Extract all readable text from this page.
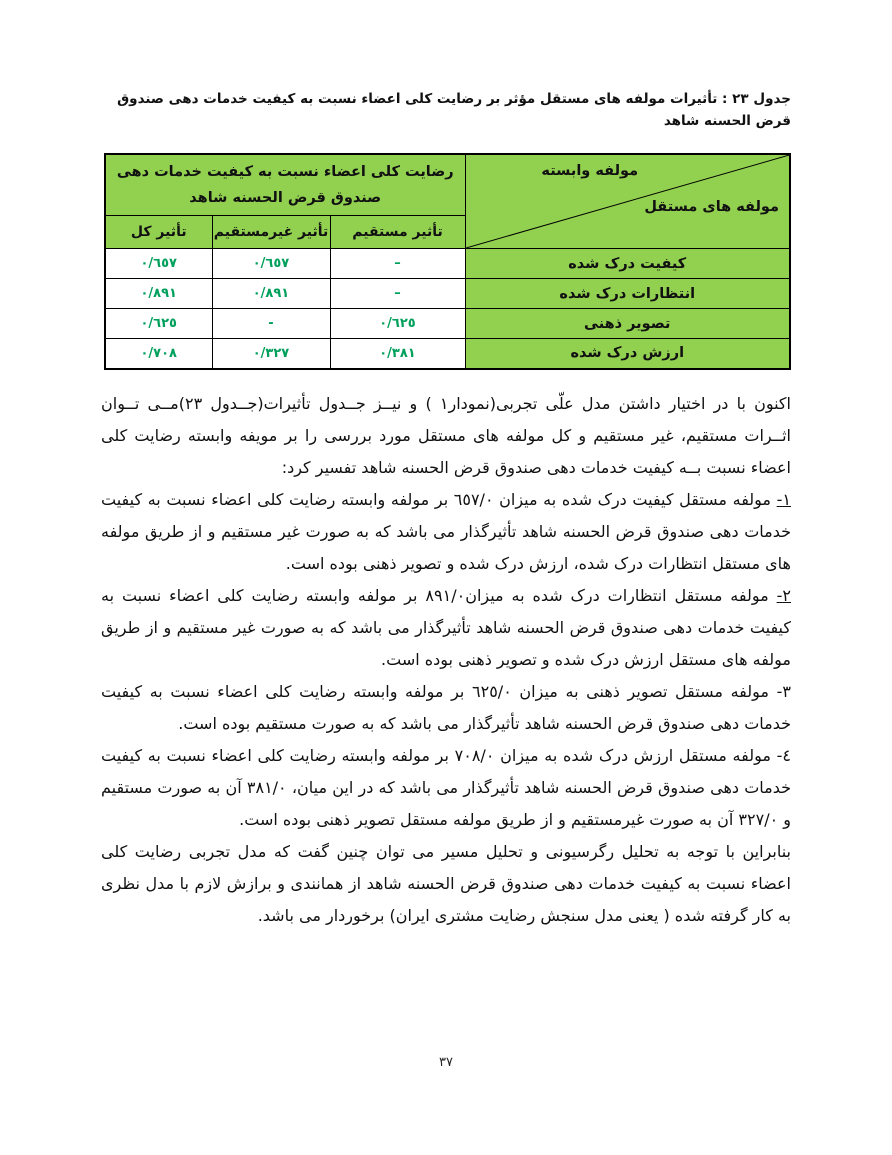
جدول ٢٣ : تأثیرات مولفه های مستقل مؤثر بر رضایت کلی اعضاء نسبت به کیفیت خدمات دهی صندوق قرض الحسنه شاهد
مولفه وابسته
مولفه های مستقل	رضایت کلی اعضاء نسبت به کیفیت خدمات دهی صندوق قرض الحسنه شاهد		
	تأثیر مستقیم	تأثیر غیرمستقیم	تأثیر کل
کیفیت درک شده	–	٠/٦٥٧	٠/٦٥٧
انتظارات درک شده	–	٠/٨٩١	٠/٨٩١
تصویر ذهنی	٠/٦٢٥	-	٠/٦٢٥
ارزش درک شده	٠/٣٨١	٠/٣٢٧	٠/٧٠٨

اکنون با در اختیار داشتن مدل علّی تجربی(نمودار١ ) و نیــز جــدول تأثیرات(جــدول ٢٣)مــی تــوان اثــرات مستقیم، غیر مستقیم و کل مولفه های مستقل مورد بررسی را بر مویفه وابسته رضایت کلی اعضاء نسبت بــه کیفیت خدمات دهی صندوق قرض الحسنه شاهد تفسیر کرد:

١- مولفه مستقل کیفیت درک شده به میزان ٦٥٧/٠ بر مولفه وابسته رضایت کلی اعضاء نسبت به کیفیت خدمات دهی صندوق قرض الحسنه شاهد تأثیرگذار می باشد که به صورت غیر مستقیم و از طریق مولفه های مستقل انتظارات درک شده، ارزش درک شده و تصویر ذهنی بوده است.

٢- مولفه مستقل انتظارات درک شده به میزان٨٩١/٠ بر مولفه وابسته رضایت کلی اعضاء نسبت به کیفیت خدمات دهی صندوق قرض الحسنه شاهد تأثیرگذار می باشد که به صورت غیر مستقیم و از طریق مولفه های مستقل ارزش درک شده و تصویر ذهنی بوده است.

٣- مولفه مستقل تصویر ذهنی به میزان ٦٢٥/٠ بر مولفه وابسته رضایت کلی اعضاء نسبت به کیفیت خدمات دهی صندوق قرض الحسنه شاهد تأثیرگذار می باشد که به صورت مستقیم بوده است.

٤- مولفه مستقل ارزش درک شده به میزان ٧٠٨/٠ بر مولفه وابسته رضایت کلی اعضاء نسبت به کیفیت خدمات دهی صندوق قرض الحسنه شاهد تأثیرگذار می باشد که در این میان، ٣٨١/٠ آن به صورت مستقیم و ٣٢٧/٠ آن به صورت غیرمستقیم و از طریق مولفه مستقل تصویر ذهنی بوده است.

بنابراین با توجه به تحلیل رگرسیونی و تحلیل مسیر می توان چنین گفت که مدل تجربی رضایت کلی اعضاء نسبت به کیفیت خدمات دهی صندوق قرض الحسنه شاهد از همانندی و برازش لازم با مدل نظری به کار گرفته شده ( یعنی مدل سنجش رضایت مشتری ایران) برخوردار می باشد.

٣٧
